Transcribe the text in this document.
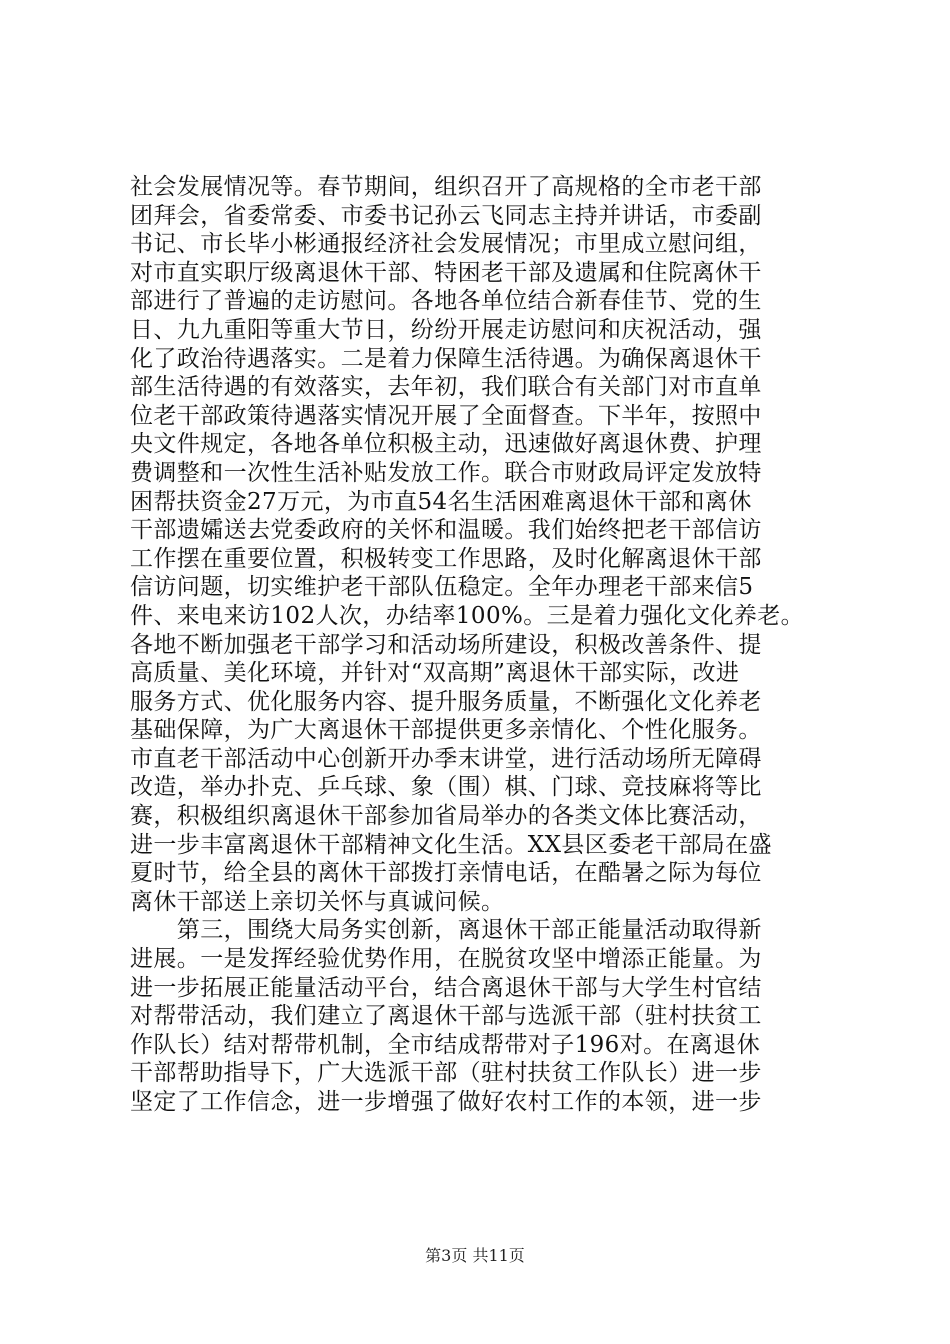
社会发展情况等。春节期间，组织召开了高规格的全市老干部
团拜会，省委常委、市委书记孙云飞同志主持并讲话，市委副
书记、市长毕小彬通报经济社会发展情况；市里成立慰问组，
对市直实职厅级离退休干部、特困老干部及遗属和住院离休干
部进行了普遍的走访慰问。各地各单位结合新春佳节、党的生
日、九九重阳等重大节日，纷纷开展走访慰问和庆祝活动，强
化了政治待遇落实。二是着力保障生活待遇。为确保离退休干
部生活待遇的有效落实，去年初，我们联合有关部门对市直单
位老干部政策待遇落实情况开展了全面督查。下半年，按照中
央文件规定，各地各单位积极主动，迅速做好离退休费、护理
费调整和一次性生活补贴发放工作。联合市财政局评定发放特
困帮扶资金27万元，为市直54名生活困难离退休干部和离休
干部遗孀送去党委政府的关怀和温暖。我们始终把老干部信访
工作摆在重要位置，积极转变工作思路，及时化解离退休干部
信访问题，切实维护老干部队伍稳定。全年办理老干部来信5
件、来电来访102人次，办结率100%。三是着力强化文化养老。
各地不断加强老干部学习和活动场所建设，积极改善条件、提
高质量、美化环境，并针对“双高期”离退休干部实际，改进
服务方式、优化服务内容、提升服务质量，不断强化文化养老
基础保障，为广大离退休干部提供更多亲情化、个性化服务。
市直老干部活动中心创新开办季末讲堂，进行活动场所无障碍
改造，举办扑克、乒乓球、象（围）棋、门球、竞技麻将等比
赛，积极组织离退休干部参加省局举办的各类文体比赛活动，
进一步丰富离退休干部精神文化生活。XX县区委老干部局在盛
夏时节，给全县的离休干部拨打亲情电话，在酷暑之际为每位
离休干部送上亲切关怀与真诚问候。
　　第三，围绕大局务实创新，离退休干部正能量活动取得新
进展。一是发挥经验优势作用，在脱贫攻坚中增添正能量。为
进一步拓展正能量活动平台，结合离退休干部与大学生村官结
对帮带活动，我们建立了离退休干部与选派干部（驻村扶贫工
作队长）结对帮带机制，全市结成帮带对子196对。在离退休
干部帮助指导下，广大选派干部（驻村扶贫工作队长）进一步
坚定了工作信念，进一步增强了做好农村工作的本领，进一步
第3页 共11页
